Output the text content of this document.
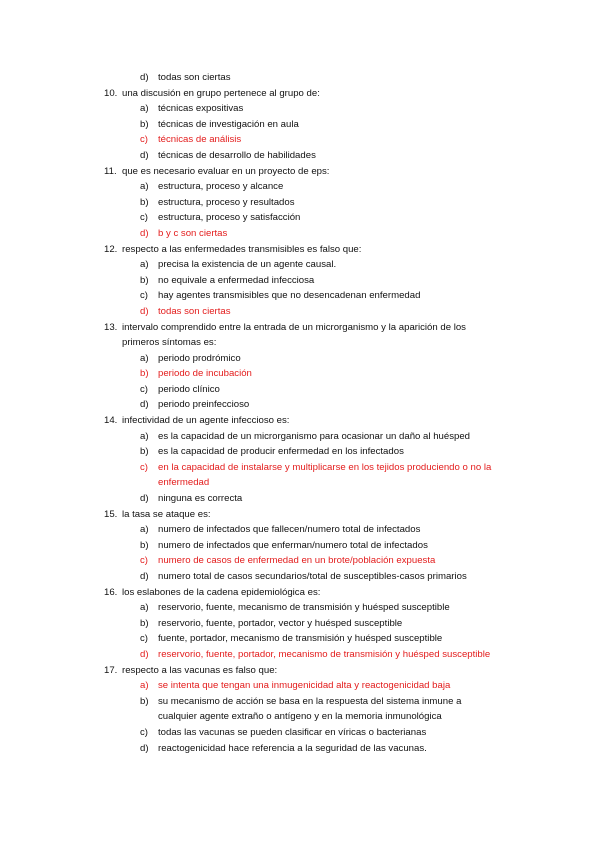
d) todas son ciertas
10. una discusión en grupo pertenece al grupo de:
a) técnicas expositivas
b) técnicas de investigación en aula
c) técnicas de análisis
d) técnicas de desarrollo de habilidades
11. que es necesario evaluar en un proyecto de eps:
a) estructura, proceso y alcance
b) estructura, proceso y resultados
c) estructura, proceso y satisfacción
d) b y c son ciertas
12. respecto a las enfermedades transmisibles es falso que:
a) precisa la existencia de un agente causal.
b) no equivale a enfermedad infecciosa
c) hay agentes transmisibles que no desencadenan enfermedad
d) todas son ciertas
13. intervalo comprendido entre la entrada de un microrganismo y la aparición de los
primeros síntomas es:
a) periodo prodrómico
b) periodo de incubación
c) periodo clínico
d) periodo preinfeccioso
14. infectividad de un agente infeccioso es:
a) es la capacidad de un microrganismo para ocasionar un daño al huésped
b) es la capacidad de producir enfermedad en los infectados
c) en la capacidad de instalarse y multiplicarse en los tejidos produciendo o no la
enfermedad
d) ninguna es correcta
15. la tasa se ataque es:
a) numero de infectados que fallecen/numero total de infectados
b) numero de infectados que enferman/numero total de infectados
c) numero de casos de enfermedad en un brote/población expuesta
d) numero total de casos secundarios/total de susceptibles-casos primarios
16. los eslabones de la cadena epidemiológica es:
a) reservorio, fuente, mecanismo de transmisión y huésped susceptible
b) reservorio, fuente, portador, vector y huésped susceptible
c) fuente, portador, mecanismo de transmisión y huésped susceptible
d) reservorio, fuente, portador, mecanismo de transmisión y huésped susceptible
17. respecto a las vacunas es falso que:
a) se intenta que tengan una inmugenicidad alta y reactogenicidad baja
b) su mecanismo de acción se basa en la respuesta del sistema inmune a
cualquier agente extraño o antígeno y en la memoria inmunológica
c) todas las vacunas se pueden clasificar en víricas o bacterianas
d) reactogenicidad hace referencia a la seguridad de las vacunas.
